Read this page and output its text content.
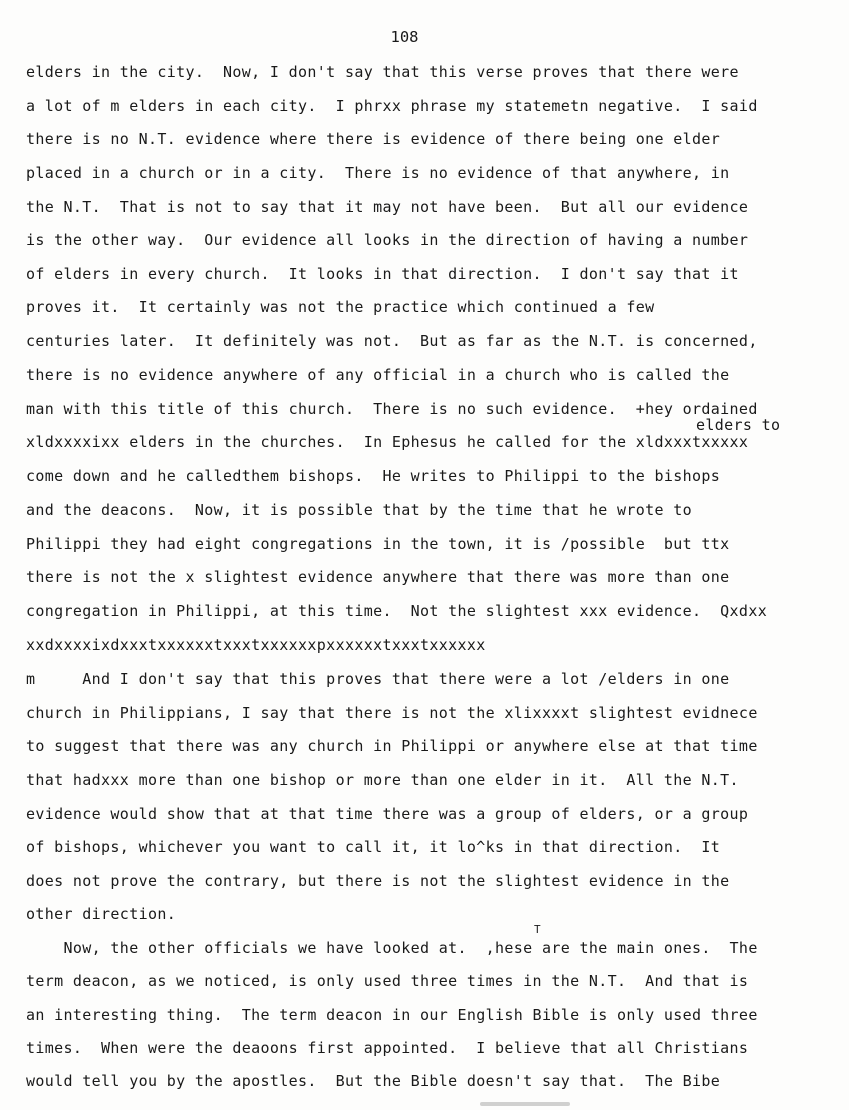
108
elders in the city.  Now, I don't say that this verse proves that there were
a lot of m elders in each city.  I phrxx phrase my statemetn negative.  I said
there is no N.T. evidence where there is evidence of there being one elder
placed in a church or in a city.  There is no evidence of that anywhere, in
the N.T.  That is not to say that it may not have been.  But all our evidence
is the other way.  Our evidence all looks in the direction of having a number
of elders in every church.  It looks in that direction.  I don't say that it
proves it.  It certainly was not the practice which continued a few
centuries later.  It definitely was not.  But as far as the N.T. is concerned,
there is no evidence anywhere of any official in a church who is called the
man with this title of this church.  There is no such evidence.  +hey ordained
elders to
xldxxxxixx elders in the churches.  In Ephesus he called for the xldxxxtxxxxx
come down and he calledthem bishops.  He writes to Philippi to the bishops
and the deacons.  Now, it is possible that by the time that he wrote to
Philippi they had eight congregations in the town, it is /possible  but ttx
there is not the x slightest evidence anywhere that there was more than one
congregation in Philippi, at this time.  Not the slightest xxx evidence.  Qxdxx
xxdxxxxixdxxxtxxxxxxtxxxtxxxxxxpxxxxxxtxxxtxxxxxx
m     And I don't say that this proves that there were a lot /elders in one
church in Philippians, I say that there is not the xlixxxxt slightest evidnece
to suggest that there was any church in Philippi or anywhere else at that time
that hadxxx more than one bishop or more than one elder in it.  All the N.T.
evidence would show that at that time there was a group of elders, or a group
of bishops, whichever you want to call it, it lo^ks in that direction.  It
does not prove the contrary, but there is not the slightest evidence in the
other direction.
T
Now, the other officials we have looked at.  ,hese are the main ones.  The
term deacon, as we noticed, is only used three times in the N.T.  And that is
an interesting thing.  The term deacon in our English Bible is only used three
times.  When were the deaoons first appointed.  I believe that all Christians
would tell you by the apostles.  But the Bible doesn't say that.  The Bibe
